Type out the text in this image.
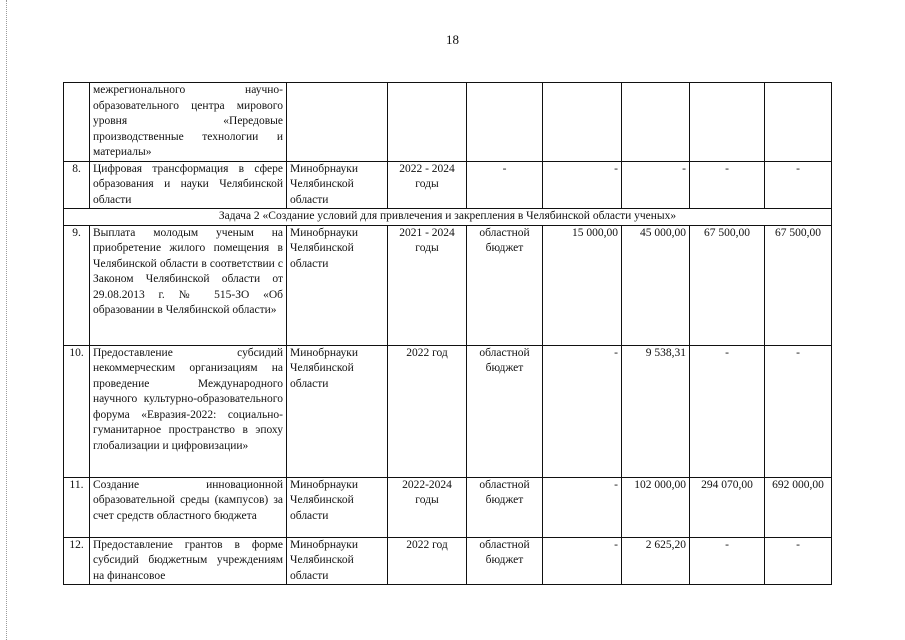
18
	межрегионального научно-образовательного центра мирового уровня «Передовые производственные технологии и материалы»							
8.	Цифровая трансформация в сфере образования и науки Челябинской области	Минобрнауки Челябинской области	2022 - 2024 годы	-	-	-	-	-
Задача 2 «Создание условий для привлечения и закрепления в Челябинской области ученых»								
9.	Выплата молодым ученым на приобретение жилого помещения в Челябинской области в соответствии с Законом Челябинской области от 29.08.2013 г. № 515-ЗО «Об образовании в Челябинской области»	Минобрнауки Челябинской области	2021 - 2024 годы	областной бюджет	15 000,00	45 000,00	67 500,00	67 500,00
10.	Предоставление субсидий некоммерческим организациям на проведение Международного научного культурно-образовательного форума «Евразия-2022: социально-гуманитарное пространство в эпоху глобализации и цифровизации»	Минобрнауки Челябинской области	2022 год	областной бюджет	-	9 538,31	-	-
11.	Создание инновационной образовательной среды (кампусов) за счет средств областного бюджета	Минобрнауки Челябинской области	2022-2024 годы	областной бюджет	-	102 000,00	294 070,00	692 000,00
12.	Предоставление грантов в форме субсидий бюджетным учреждениям на финансовое	Минобрнауки Челябинской области	2022 год	областной бюджет	-	2 625,20	-	-
